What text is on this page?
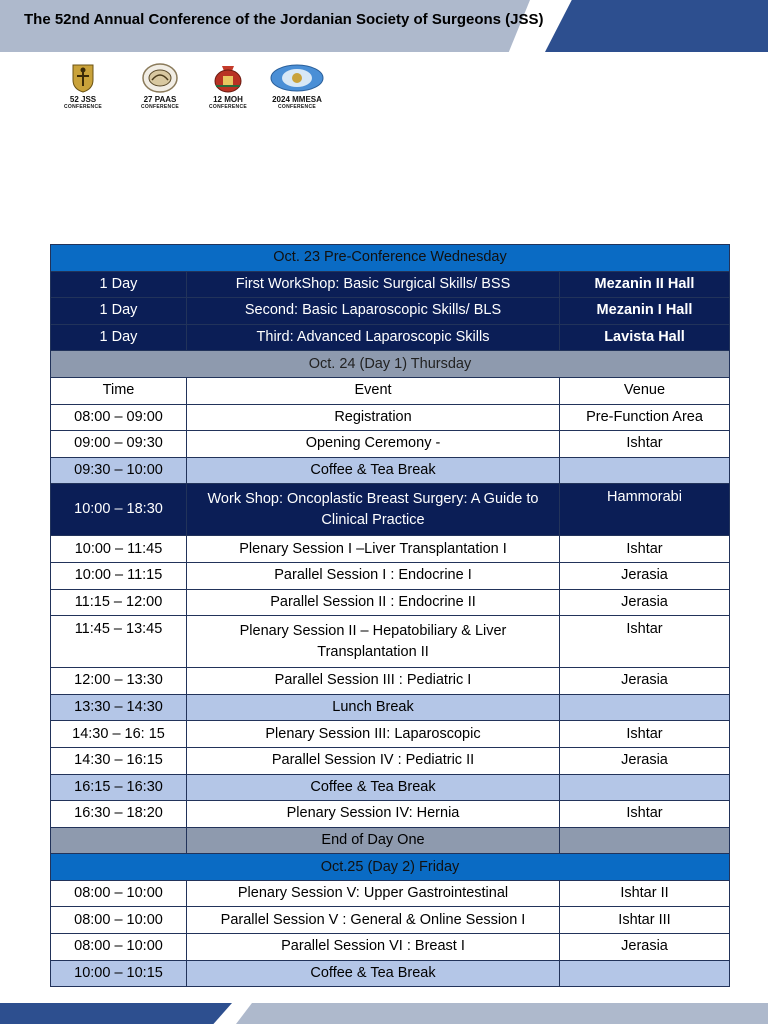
The 52nd Annual Conference of the Jordanian Society of Surgeons (JSS)
52 JSS
CONFERENCE
27 PAAS
CONFERENCE
12 MOH
CONFERENCE
2024 MMESA
CONFERENCE
Oct. 23 Pre-Conference Wednesday		
1 Day	First WorkShop: Basic Surgical Skills/ BSS	Mezanin II Hall
1 Day	Second: Basic Laparoscopic Skills/ BLS	Mezanin I Hall
1 Day	Third: Advanced Laparoscopic Skills	Lavista Hall
Oct. 24 (Day 1) Thursday		
Time	Event	Venue
08:00 – 09:00	Registration	Pre-Function Area
09:00 – 09:30	Opening Ceremony -	Ishtar
09:30 – 10:00	Coffee & Tea Break	
10:00 – 18:30	Work Shop: Oncoplastic Breast Surgery: A Guide to Clinical Practice	Hammorabi
10:00 – 11:45	Plenary Session I –Liver Transplantation I	Ishtar
10:00 – 11:15	Parallel Session I : Endocrine I	Jerasia
11:15 – 12:00	Parallel Session II : Endocrine II	Jerasia
11:45 – 13:45	Plenary Session II – Hepatobiliary & Liver Transplantation II	Ishtar
12:00 – 13:30	Parallel Session III : Pediatric I	Jerasia
13:30 – 14:30	Lunch Break	
14:30 – 16: 15	Plenary Session III: Laparoscopic	Ishtar
14:30 – 16:15	Parallel Session IV : Pediatric II	Jerasia
16:15 – 16:30	Coffee & Tea Break	
16:30 – 18:20	Plenary Session IV: Hernia	Ishtar
	End of Day One	
Oct.25 (Day 2) Friday		
08:00 – 10:00	Plenary Session V: Upper Gastrointestinal	Ishtar II
08:00 – 10:00	Parallel Session V : General & Online Session I	Ishtar III
08:00 – 10:00	Parallel Session VI : Breast I	Jerasia
10:00 – 10:15	Coffee & Tea Break	
